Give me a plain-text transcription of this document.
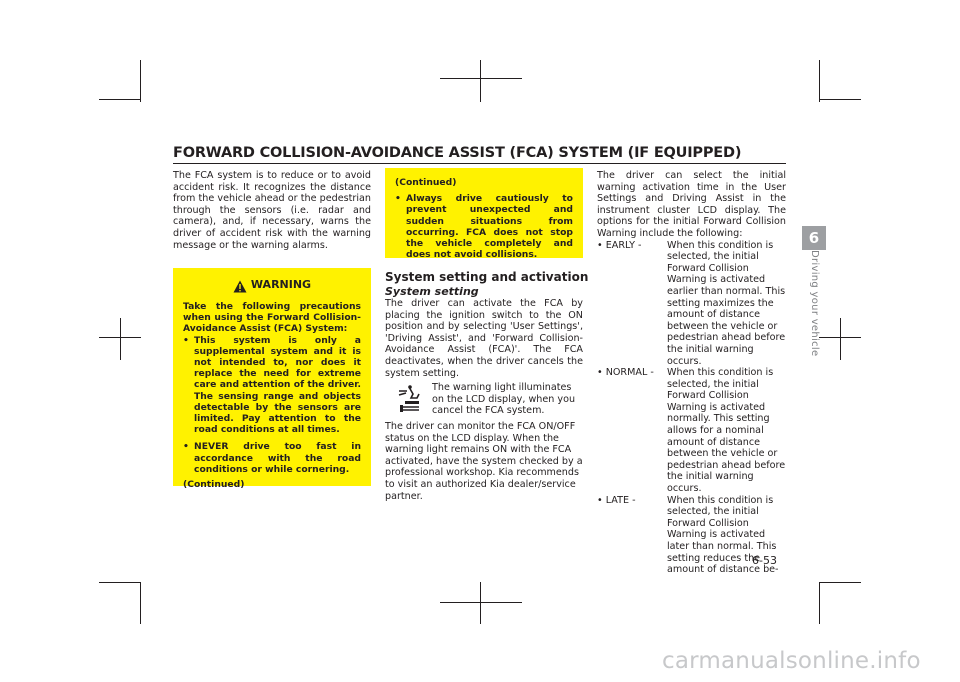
FORWARD COLLISION-AVOIDANCE ASSIST (FCA) SYSTEM (IF EQUIPPED)

The FCA system is to reduce or to avoid accident risk. It recognizes the distance from the vehicle ahead or the pedestrian through the sensors (i.e. radar and camera), and, if necessary, warns the driver of accident risk with the warning message or the warning alarms.

WARNING

Take the following precautions when using the Forward Collision-Avoidance Assist (FCA) System:

• This system is only a supplemental system and it is not intended to, nor does it replace the need for extreme care and attention of the driver. The sensing range and objects detectable by the sensors are limited. Pay attention to the road conditions at all times.
• NEVER drive too fast in accordance with the road conditions or while cornering.

(Continued)

(Continued)

• Always drive cautiously to prevent unexpected and sudden situations from occurring. FCA does not stop the vehicle completely and does not avoid collisions.
System setting and activation
System setting

The driver can activate the FCA by placing the ignition switch to the ON position and by selecting 'User Settings', 'Driving Assist', and 'Forward Collision-Avoidance Assist (FCA)'. The FCA deactivates, when the driver cancels the system setting.

The warning light illuminates on the LCD display, when you cancel the FCA system.

The driver can monitor the FCA ON/OFF status on the LCD display. When the warning light remains ON with the FCA activated, have the system checked by a professional workshop. Kia recommends to visit an authorized Kia dealer/service partner.

The driver can select the initial warning activation time in the User Settings and Driving Assist in the instrument cluster LCD display. The options for the initial Forward Collision Warning include the following:

• EARLY -	When this condition is selected, the initial Forward Collision Warning is activated earlier than normal. This setting maximizes the amount of distance between the vehicle or pedestrian ahead before the initial warning occurs.
• NORMAL -	When this condition is selected, the initial Forward Collision Warning is activated normally. This setting allows for a nominal amount of distance between the vehicle or pedestrian ahead before the initial warning occurs.
• LATE -	When this condition is selected, the initial Forward Collision Warning is activated later than normal. This setting reduces the amount of distance be-
6
Driving your vehicle
6-53
carmanualsonline.info
